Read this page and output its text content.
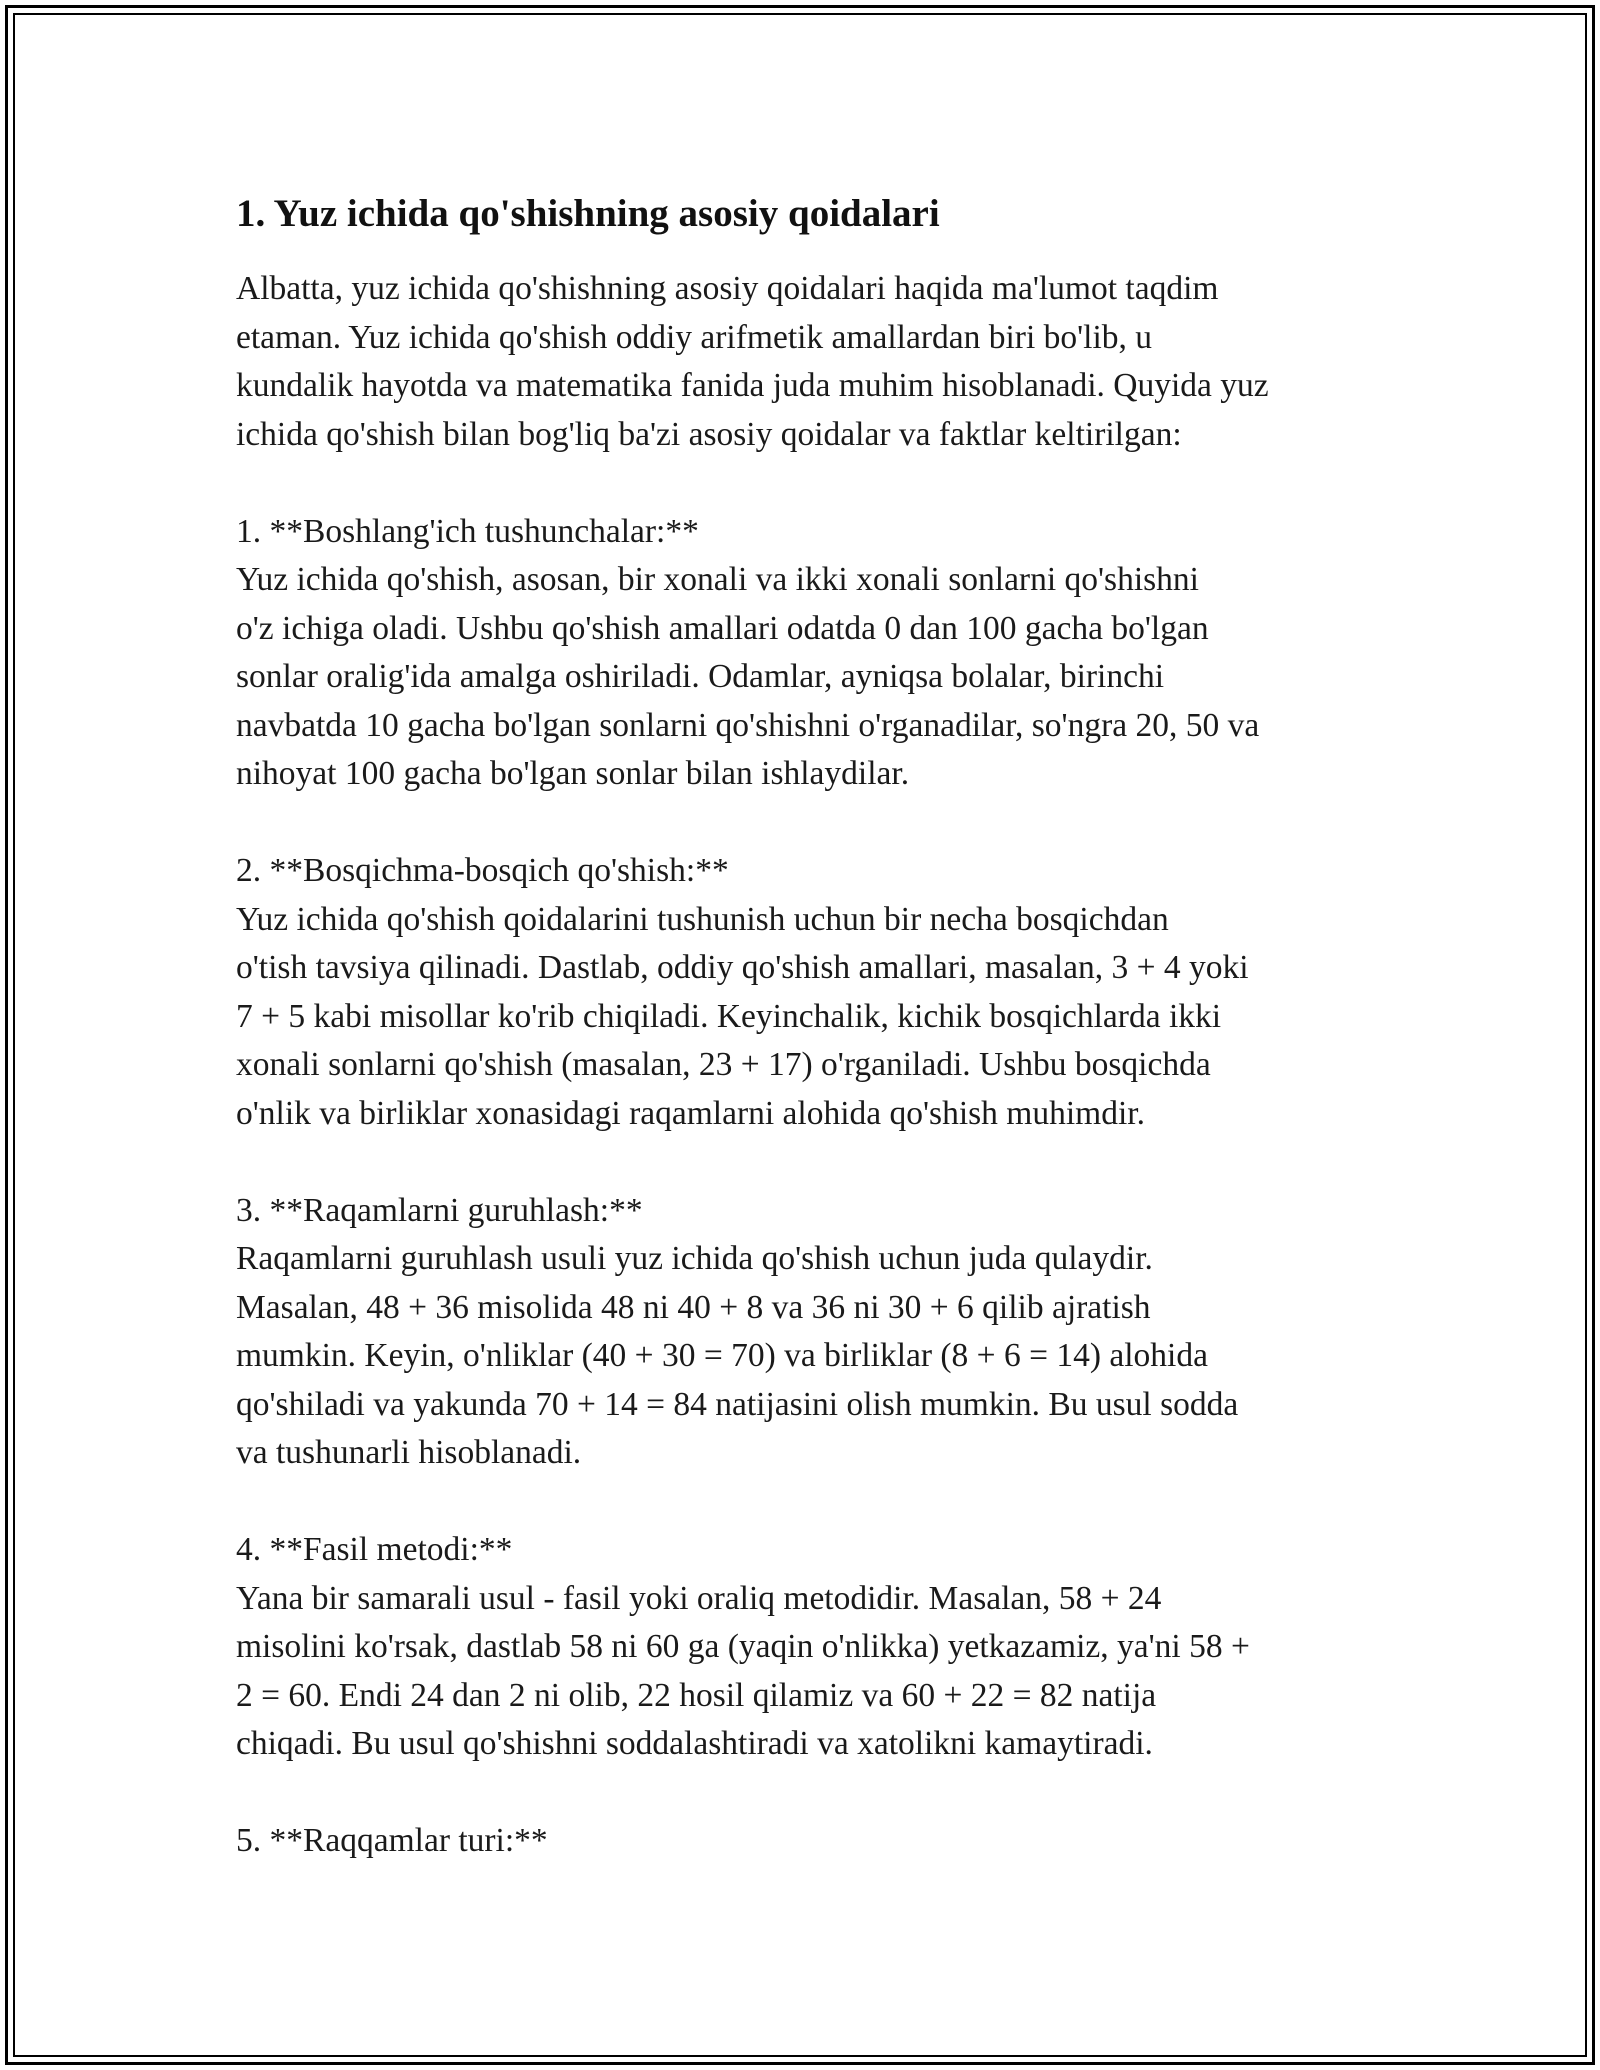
1. Yuz ichida qo'shishning asosiy qoidalari

Albatta, yuz ichida qo'shishning asosiy qoidalari haqida ma'lumot taqdim
etaman. Yuz ichida qo'shish oddiy arifmetik amallardan biri bo'lib, u
kundalik hayotda va matematika fanida juda muhim hisoblanadi. Quyida yuz
ichida qo'shish bilan bog'liq ba'zi asosiy qoidalar va faktlar keltirilgan:

1. **Boshlang'ich tushunchalar:**

Yuz ichida qo'shish, asosan, bir xonali va ikki xonali sonlarni qo'shishni
o'z ichiga oladi. Ushbu qo'shish amallari odatda 0 dan 100 gacha bo'lgan
sonlar oralig'ida amalga oshiriladi. Odamlar, ayniqsa bolalar, birinchi
navbatda 10 gacha bo'lgan sonlarni qo'shishni o'rganadilar, so'ngra 20, 50 va
nihoyat 100 gacha bo'lgan sonlar bilan ishlaydilar.

2. **Bosqichma-bosqich qo'shish:**

Yuz ichida qo'shish qoidalarini tushunish uchun bir necha bosqichdan
o'tish tavsiya qilinadi. Dastlab, oddiy qo'shish amallari, masalan, 3 + 4 yoki
7 + 5 kabi misollar ko'rib chiqiladi. Keyinchalik, kichik bosqichlarda ikki
xonali sonlarni qo'shish (masalan, 23 + 17) o'rganiladi. Ushbu bosqichda
o'nlik va birliklar xonasidagi raqamlarni alohida qo'shish muhimdir.

3. **Raqamlarni guruhlash:**

Raqamlarni guruhlash usuli yuz ichida qo'shish uchun juda qulaydir.
Masalan, 48 + 36 misolida 48 ni 40 + 8 va 36 ni 30 + 6 qilib ajratish
mumkin. Keyin, o'nliklar (40 + 30 = 70) va birliklar (8 + 6 = 14) alohida
qo'shiladi va yakunda 70 + 14 = 84 natijasini olish mumkin. Bu usul sodda
va tushunarli hisoblanadi.

4. **Fasil metodi:**

Yana bir samarali usul - fasil yoki oraliq metodidir. Masalan, 58 + 24
misolini ko'rsak, dastlab 58 ni 60 ga (yaqin o'nlikka) yetkazamiz, ya'ni 58 +
2 = 60. Endi 24 dan 2 ni olib, 22 hosil qilamiz va 60 + 22 = 82 natija
chiqadi. Bu usul qo'shishni soddalashtiradi va xatolikni kamaytiradi.

5. **Raqqamlar turi:**
